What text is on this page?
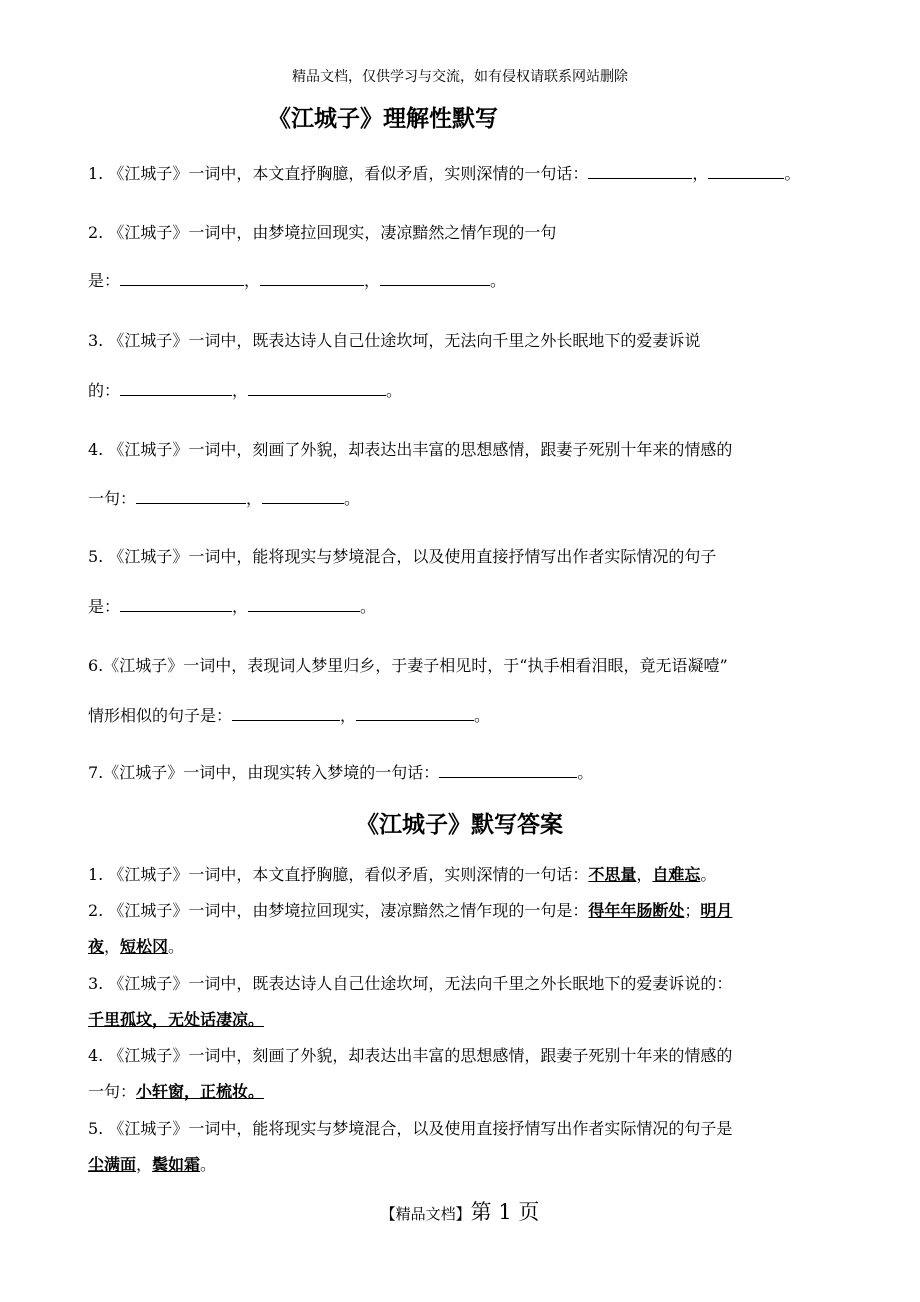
精品文档，仅供学习与交流，如有侵权请联系网站删除
《江城子》理解性默写
1. 《江城子》一词中，本文直抒胸臆，看似矛盾，实则深情的一句话：	，	。
2. 《江城子》一词中，由梦境拉回现实，凄凉黯然之情乍现的一句
是：	，	，	。
3. 《江城子》一词中，既表达诗人自己仕途坎坷，无法向千里之外长眠地下的爱妻诉说
的：	，	。
4. 《江城子》一词中，刻画了外貌，却表达出丰富的思想感情，跟妻子死别十年来的情感的
一句：	，	。
5. 《江城子》一词中，能将现实与梦境混合，以及使用直接抒情写出作者实际情况的句子
是：	，	。
6.《江城子》一词中，表现词人梦里归乡，于妻子相见时，于“执手相看泪眼，竟无语凝噎”
情形相似的句子是：	，	。
7.《江城子》一词中，由现实转入梦境的一句话：	。
《江城子》默写答案
1. 《江城子》一词中，本文直抒胸臆，看似矛盾，实则深情的一句话：不思量，自难忘。
2. 《江城子》一词中，由梦境拉回现实，凄凉黯然之情乍现的一句是：得年年肠断处；明月
夜，短松冈。
3. 《江城子》一词中，既表达诗人自己仕途坎坷，无法向千里之外长眠地下的爱妻诉说的：
千里孤坟，无处话凄凉。
4. 《江城子》一词中，刻画了外貌，却表达出丰富的思想感情，跟妻子死别十年来的情感的
一句：小轩窗，正梳妆。
5. 《江城子》一词中，能将现实与梦境混合，以及使用直接抒情写出作者实际情况的句子是
尘满面，鬓如霜。
【精品文档】第 1 页
